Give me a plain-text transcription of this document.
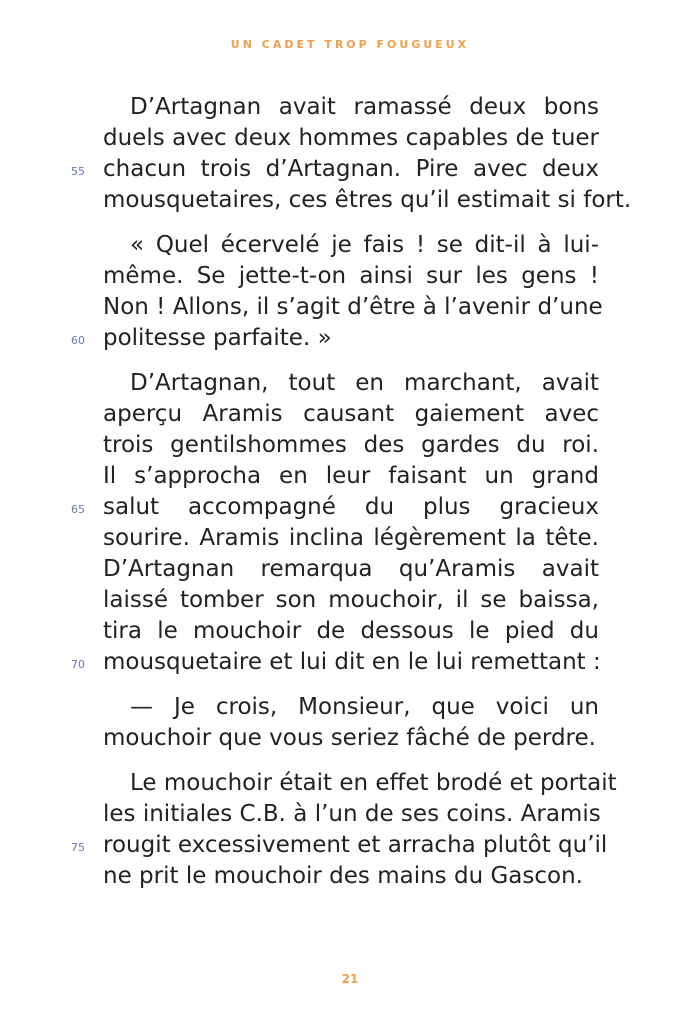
UN CADET TROP FOUGUEUX
D’Artagnan avait ramassé deux bons
duels avec deux hommes capables de tuer
55 chacun trois d’Artagnan. Pire avec deux
mousquetaires, ces êtres qu’il estimait si fort.
« Quel écervelé je fais ! se dit-il à lui-
même. Se jette-t-on ainsi sur les gens !
Non ! Allons, il s’agit d’être à l’avenir d’une
60 politesse parfaite. »
D’Artagnan, tout en marchant, avait
aperçu Aramis causant gaiement avec
trois gentilshommes des gardes du roi.
Il s’approcha en leur faisant un grand
65 salut accompagné du plus gracieux
sourire. Aramis inclina légèrement la tête.
D’Artagnan remarqua qu’Aramis avait
laissé tomber son mouchoir, il se baissa,
tira le mouchoir de dessous le pied du
70 mousquetaire et lui dit en le lui remettant :
— Je crois, Monsieur, que voici un
mouchoir que vous seriez fâché de perdre.
Le mouchoir était en effet brodé et portait
les initiales C.B. à l’un de ses coins. Aramis
75 rougit excessivement et arracha plutôt qu’il
ne prit le mouchoir des mains du Gascon.
21
